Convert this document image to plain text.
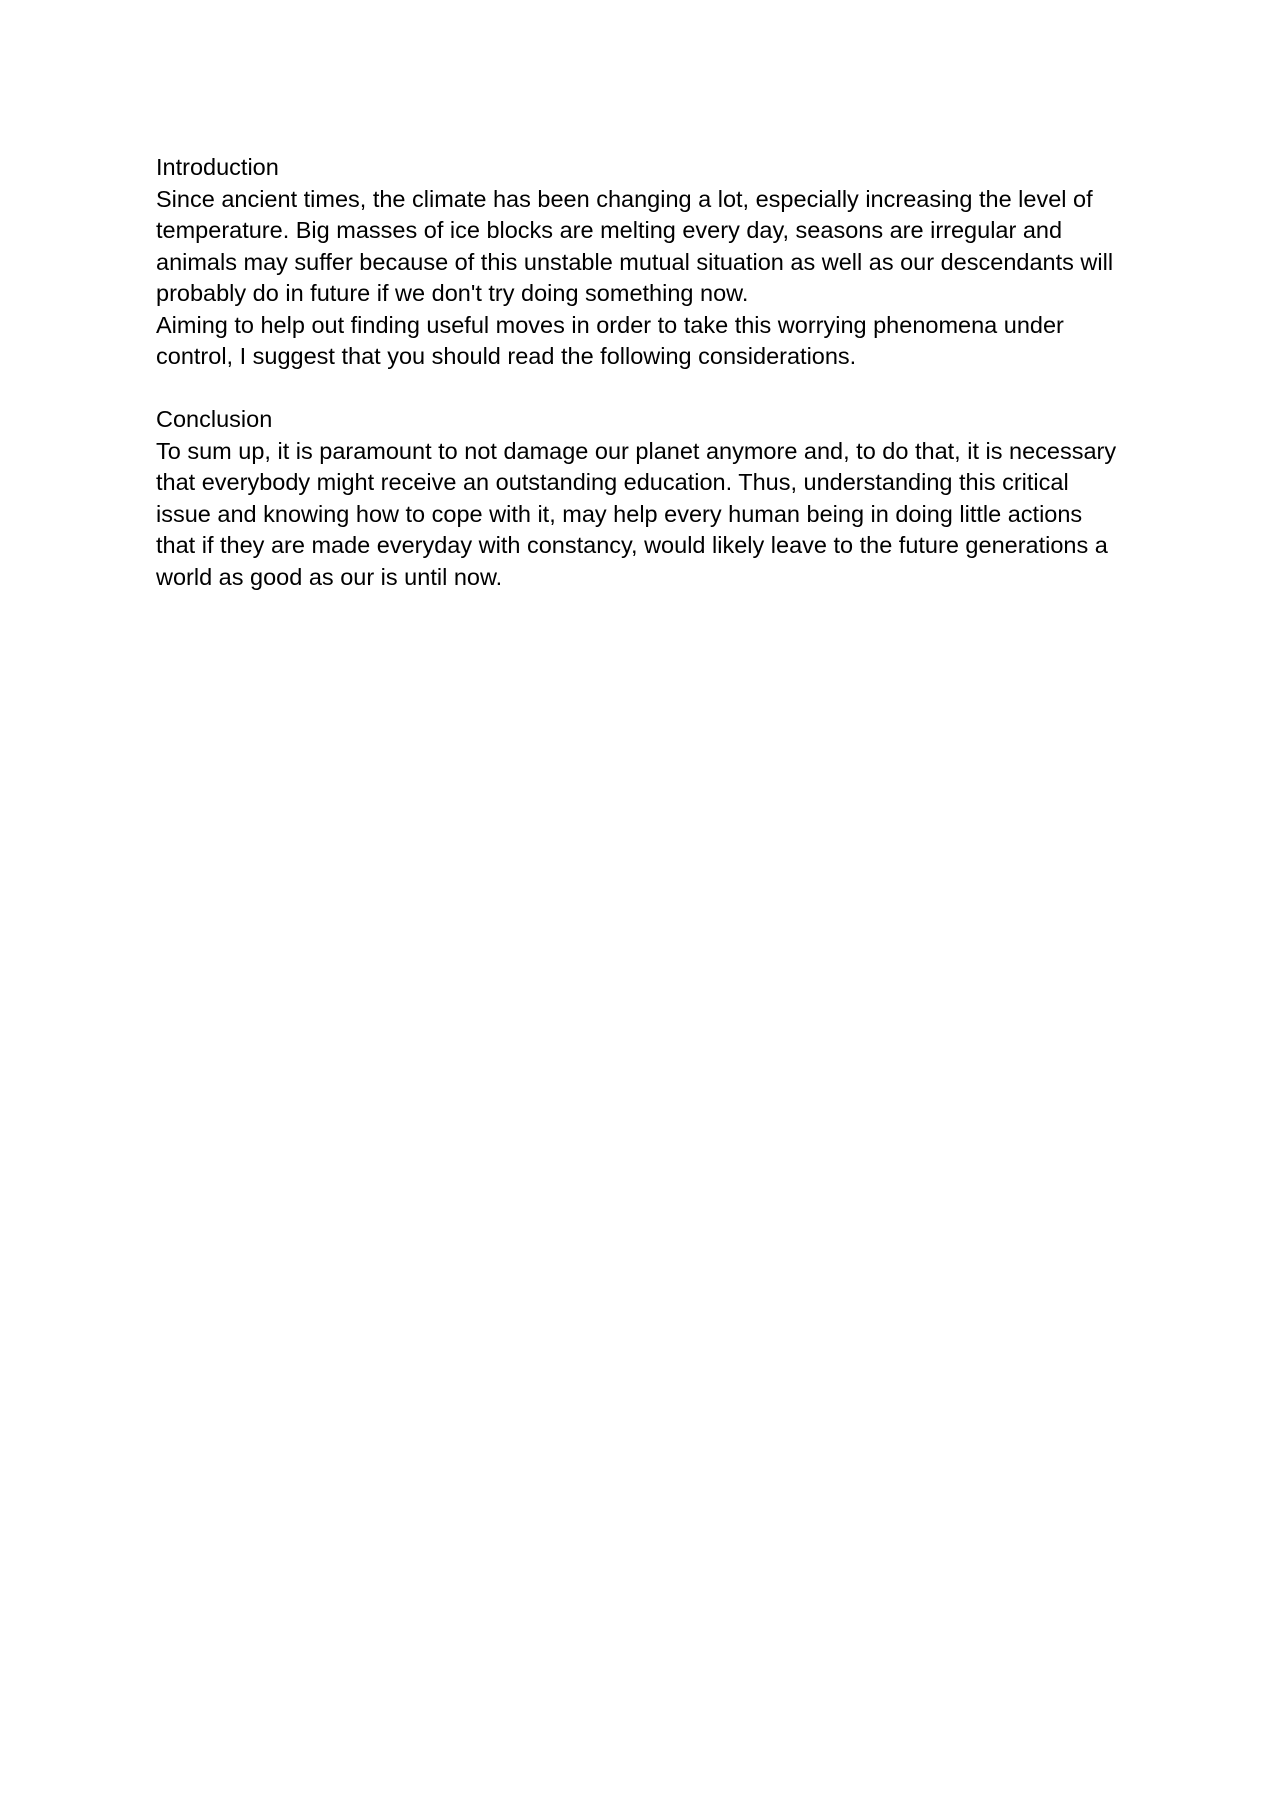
Introduction

Since ancient times, the climate has been changing a lot, especially increasing the level of
temperature. Big masses of ice blocks are melting every day, seasons are irregular and
animals may suffer because of this unstable mutual situation as well as our descendants will
probably do in future if we don't try doing something now.

Aiming to help out finding useful moves in order to take this worrying phenomena under
control, I suggest that you should read the following considerations.

Conclusion

To sum up, it is paramount to not damage our planet anymore and, to do that, it is necessary
that everybody might receive an outstanding education. Thus, understanding this critical
issue and knowing how to cope with it, may help every human being in doing little actions
that if they are made everyday with constancy, would likely leave to the future generations a
world as good as our is until now.
